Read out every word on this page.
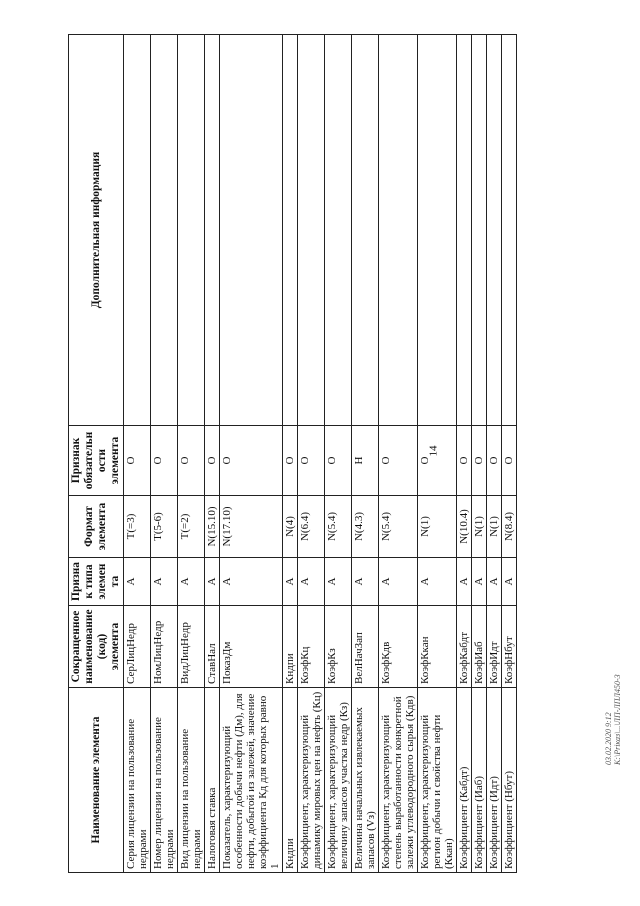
14
Наименование элемента	Сокращенное наименование (код) элемента	Признак типа элемента	Формат элемента	Признак обязательности элемента	Дополнительная информация
Серия лицензии на пользование недрами	СерЛицНедр	А	T(=3)	О	
Номер лицензии на пользование недрами	НомЛицНедр	А	T(5-6)	О	
Вид лицензии на пользование недрами	ВидЛицНедр	А	T(=2)	О	
Налоговая ставка	СтавНал	А	N(15.10)	О	
Показатель, характеризующий особенности добычи нефти (Дм), для нефти, добытой из залежей, значение коэффициента Кд для которых равно 1	ПоказДм	А	N(17.10)	О	
Кндпи	Кндпи	А	N(4)	О	
Коэффициент, характеризующий динамику мировых цен на нефть (Кц)	КоэфКц	А	N(6.4)	О	
Коэффициент, характеризующий величину запасов участка недр (Кз)	КоэфКз	А	N(5.4)	О	
Величина начальных извлекаемых запасов (Vз)	ВелНачЗап	А	N(4.3)	Н	
Коэффициент, характеризующий степень выработанности конкретной залежи углеводородного сырья (Кдв)	КоэфКдв	А	N(5.4)	О	
Коэффициент, характеризующий регион добычи и свойства нефти (Ккан)	КоэфКкан	А	N(1)	О	
Коэффициент (Кабдт)	КоэфКабдт	А	N(10.4)	О	
Коэффициент (Иаб)	КоэфИаб	А	N(1)	О	
Коэффициент (Идт)	КоэфИдт	А	N(1)	О	
Коэффициент (Нбут)	КоэфНбут	А	N(8.4)	О	
03.02.2020 9:12 К:\Priказ\...\ЛП-ЛПЛ450-3
